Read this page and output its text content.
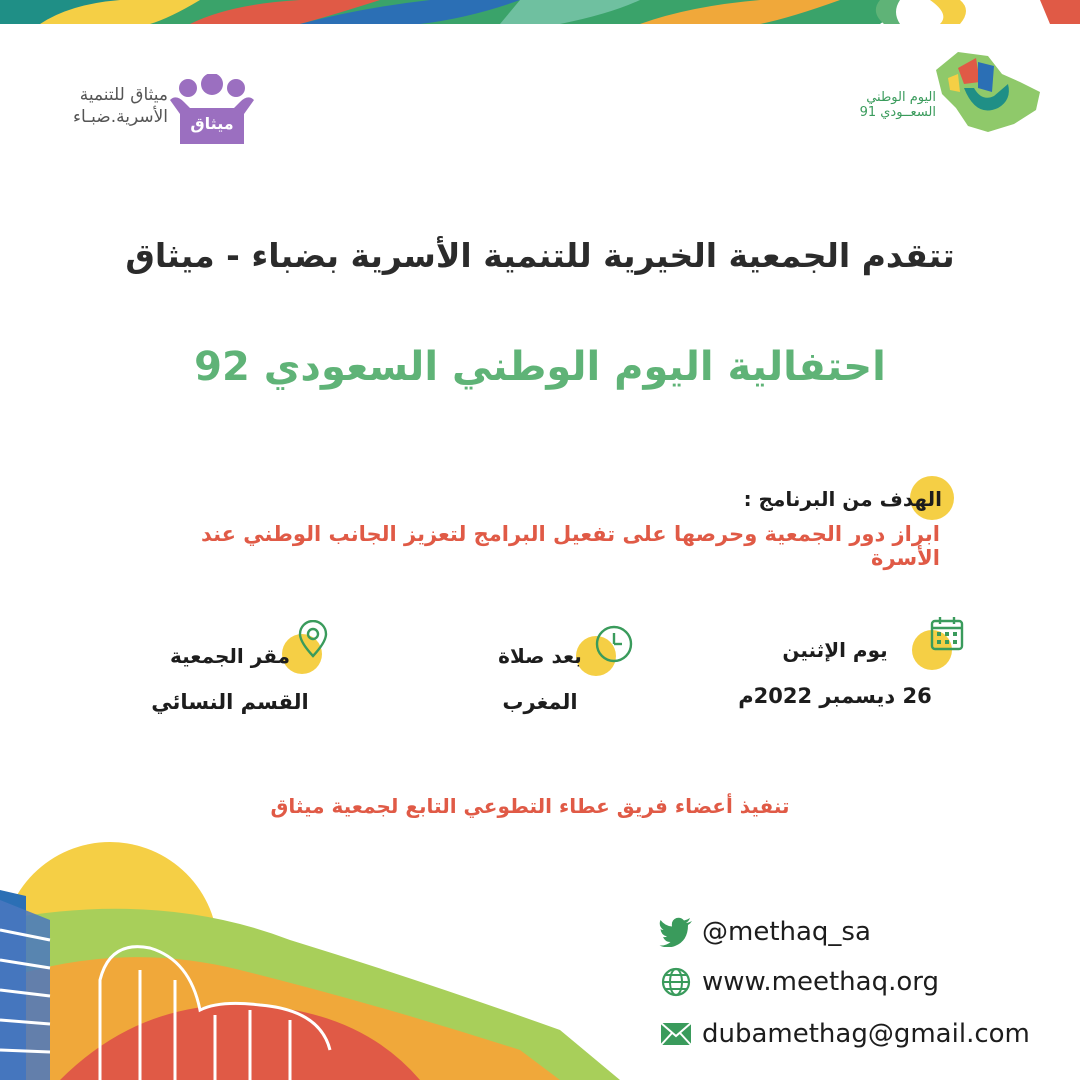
ميثاق للتنمية
الأسرية.ضبـاء ميثاق
اليوم الوطني
السعــودي 91
تتقدم الجمعية الخيرية للتنمية الأسرية بضباء - ميثاق
احتفالية اليوم الوطني السعودي 92
الهدف من البرنامج :
ابراز دور الجمعية وحرصها على تفعيل البرامج لتعزيز الجانب الوطني عند الأسرة
يوم الإثنين
26 ديسمبر 2022م
بعد صلاة
المغرب
مقر الجمعية
القسم النسائي
تنفيذ أعضاء فريق عطاء التطوعي التابع لجمعية ميثاق
@methaq_sa
www.meethaq.org
dubamethag@gmail.com
